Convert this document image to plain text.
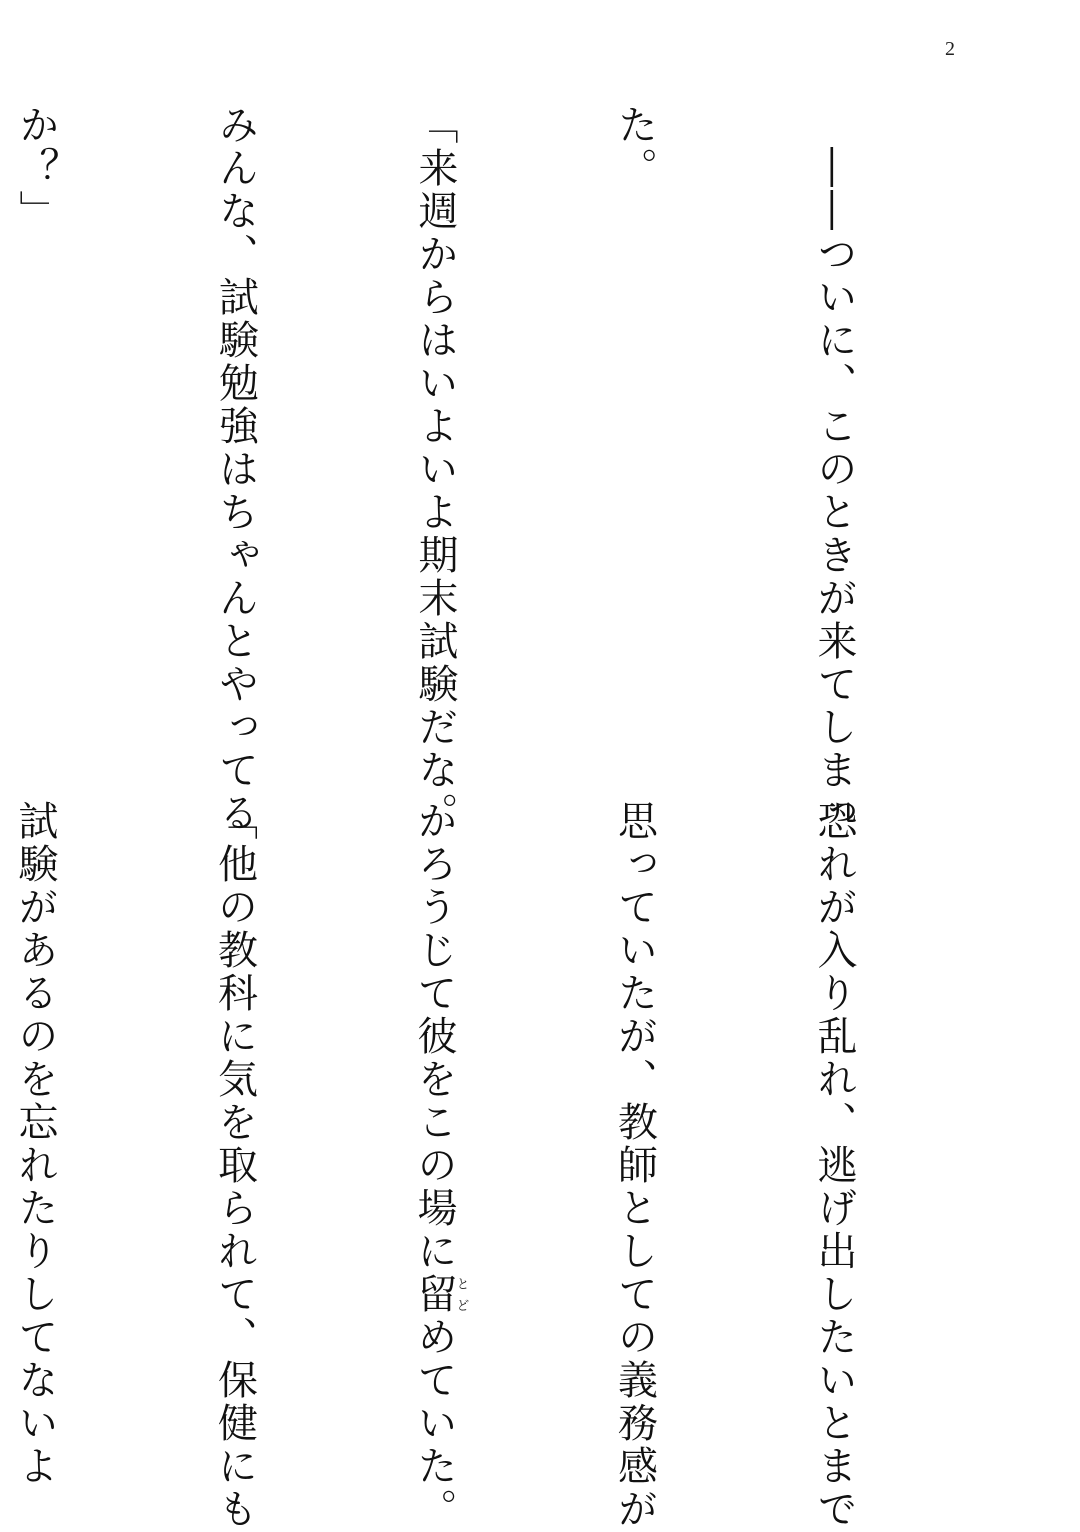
2

　――ついに、このときが来てしまっ

た。

「来週からはいよいよ期末試験だな。

みんな、試験勉強はちゃんとやってる

か？」

恐れが入り乱れ、逃げ出したいとまで

思っていたが、教師としての義務感が

かろうじて彼をこの場に留とどめていた。

「他の教科に気を取られて、保健にも

試験があるのを忘れたりしてないよ
